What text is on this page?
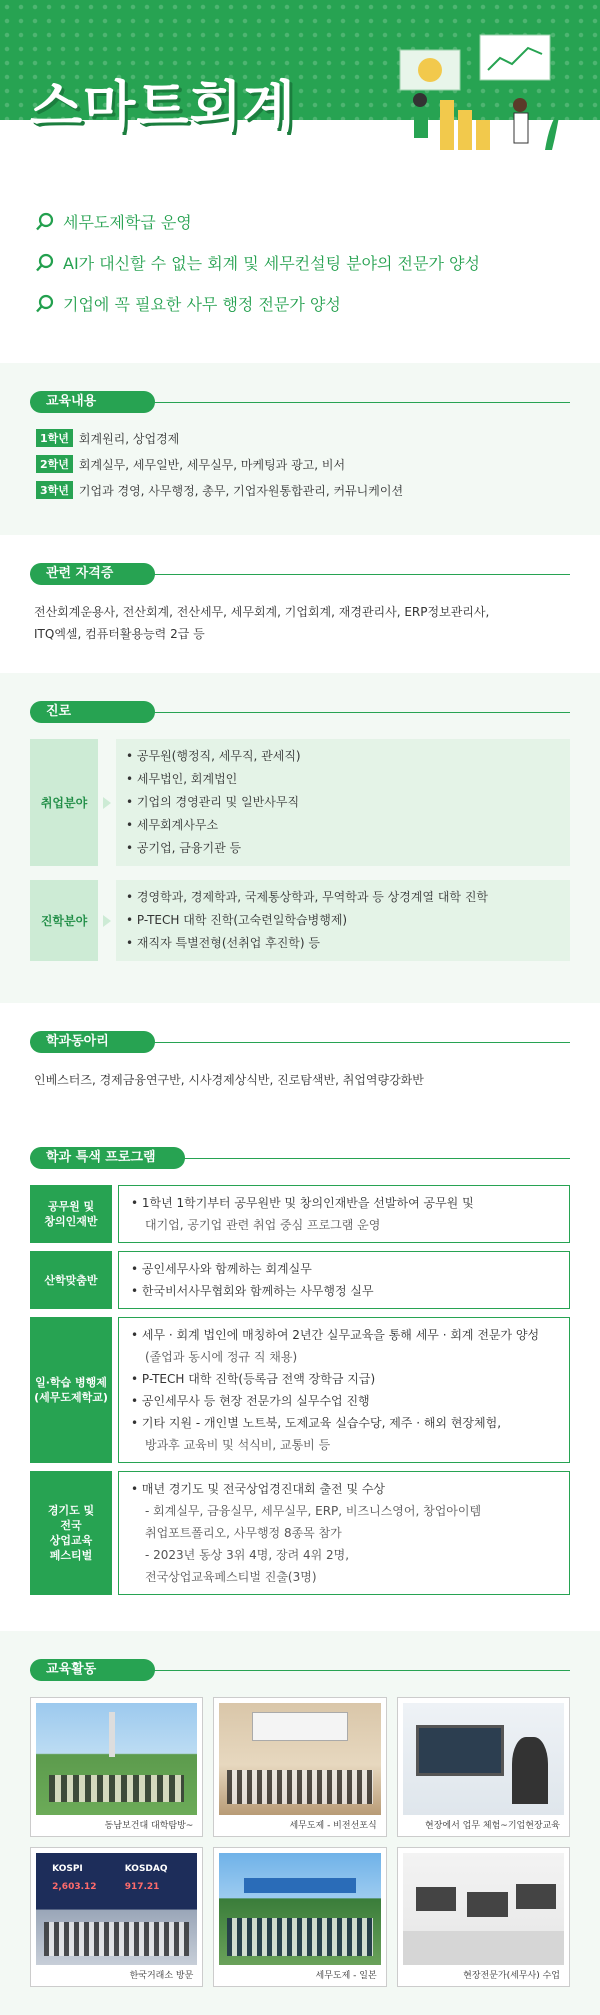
스마트회계
세무도제학급 운영
AI가 대신할 수 없는 회계 및 세무컨설팅 분야의 전문가 양성
기업에 꼭 필요한 사무 행정 전문가 양성
교육내용
1학년 회계원리, 상업경제
2학년 회계실무, 세무일반, 세무실무, 마케팅과 광고, 비서
3학년 기업과 경영, 사무행정, 총무, 기업자원통합관리, 커뮤니케이션
관련 자격증
전산회계운용사, 전산회계, 전산세무, 세무회계, 기업회계, 재경관리사, ERP정보관리사,
ITQ엑셀, 컴퓨터활용능력 2급 등
진로
취업분야
• 공무원(행정직, 세무직, 관세직)
• 세무법인, 회계법인
• 기업의 경영관리 및 일반사무직
• 세무회계사무소
• 공기업, 금융기관 등
진학분야
• 경영학과, 경제학과, 국제통상학과, 무역학과 등 상경계열 대학 진학
• P-TECH 대학 진학(고숙련일학습병행제)
• 재직자 특별전형(선취업 후진학) 등
학과동아리
인베스터즈, 경제금융연구반, 시사경제상식반, 진로탐색반, 취업역량강화반
학과 특색 프로그램
공무원 및
창의인재반
• 1학년 1학기부터 공무원반 및 창의인재반을 선발하여 공무원 및
대기업, 공기업 관련 취업 중심 프로그램 운영
산학맞춤반
• 공인세무사와 함께하는 회계실무
• 한국비서사무협회와 함께하는 사무행정 실무
일·학습 병행제
(세무도제학교)
• 세무 · 회계 법인에 매칭하여 2년간 실무교육을 통해 세무 · 회계 전문가 양성
(졸업과 동시에 정규 직 채용)
• P-TECH 대학 진학(등록금 전액 장학금 지급)
• 공인세무사 등 현장 전문가의 실무수업 진행
• 기타 지원 - 개인별 노트북, 도제교육 실습수당, 제주 · 해외 현장체험,
방과후 교육비 및 석식비, 교통비 등
경기도 및
전국
상업교육
페스티벌
• 매년 경기도 및 전국상업경진대회 출전 및 수상
- 회계실무, 금융실무, 세무실무, ERP, 비즈니스영어, 창업아이템
취업포트폴리오, 사무행정 8종목 참가
- 2023년 동상 3위 4명, 장려 4위 2명,
전국상업교육페스티벌 진출(3명)
교육활동
동남보건대 대학탐방~	세무도제 - 비전선포식	현장에서 업무 체험~기업현장교육
KOSPI	KOSDAQ
2,603.12	917.21
한국거래소 방문	세무도제 - 일본	현장전문가(세무사) 수업
